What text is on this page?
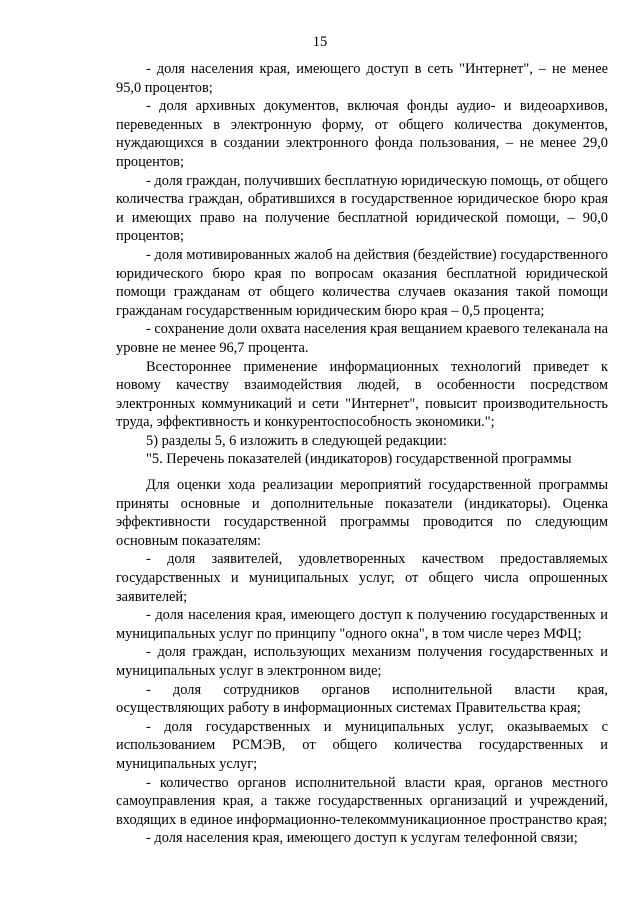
15

- доля населения края, имеющего доступ в сеть "Интернет", – не менее 95,0 процентов;

- доля архивных документов, включая фонды аудио- и видеоархивов, переведенных в электронную форму, от общего количества документов, нуждающихся в создании электронного фонда пользования, – не менее 29,0 процентов;

- доля граждан, получивших бесплатную юридическую помощь, от общего количества граждан, обратившихся в государственное юридическое бюро края и имеющих право на получение бесплатной юридической помощи, – 90,0 процентов;

- доля мотивированных жалоб на действия (бездействие) государственного юридического бюро края по вопросам оказания бесплатной юридической помощи гражданам от общего количества случаев оказания такой помощи гражданам государственным юридическим бюро края – 0,5 процента;

- сохранение доли охвата населения края вещанием краевого телеканала на уровне не менее 96,7 процента.

Всестороннее применение информационных технологий приведет к новому качеству взаимодействия людей, в особенности посредством электронных коммуникаций и сети "Интернет", повысит производительность труда, эффективность и конкурентоспособность экономики.";

5) разделы 5, 6 изложить в следующей редакции:

"5. Перечень показателей (индикаторов) государственной программы

Для оценки хода реализации мероприятий государственной программы приняты основные и дополнительные показатели (индикаторы). Оценка эффективности государственной программы проводится по следующим основным показателям:

- доля заявителей, удовлетворенных качеством предоставляемых государственных и муниципальных услуг, от общего числа опрошенных заявителей;

- доля населения края, имеющего доступ к получению государственных и муниципальных услуг по принципу "одного окна", в том числе через МФЦ;

- доля граждан, использующих механизм получения государственных и муниципальных услуг в электронном виде;

- доля сотрудников органов исполнительной власти края, осуществляющих работу в информационных системах Правительства края;

- доля государственных и муниципальных услуг, оказываемых с использованием РСМЭВ, от общего количества государственных и муниципальных услуг;

- количество органов исполнительной власти края, органов местного самоуправления края, а также государственных организаций и учреждений, входящих в единое информационно-телекоммуникационное пространство края;

- доля населения края, имеющего доступ к услугам телефонной связи;
